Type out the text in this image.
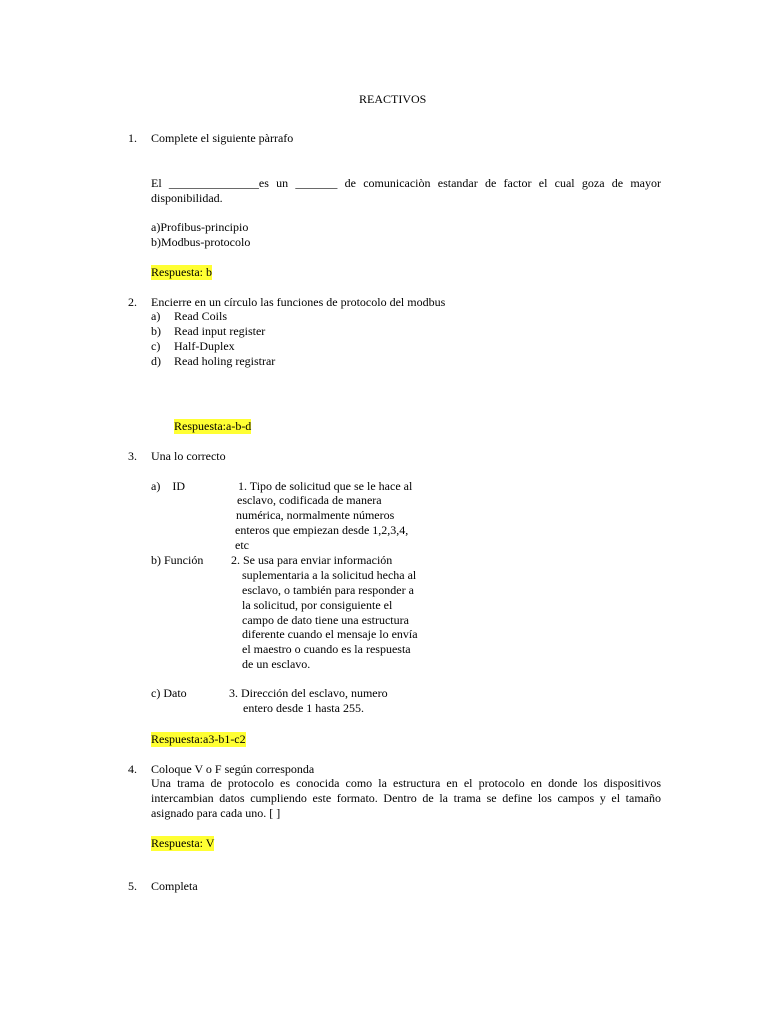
REACTIVOS
1. Complete el siguiente pàrrafo
El _______________es un _______ de comunicaciòn estandar de factor el cual goza de mayor
disponibilidad.
a)Profibus-principio
b)Modbus-protocolo
Respuesta: b
2. Encierre en un círculo las funciones de protocolo del modbus
a) Read Coils
b) Read input register
c) Half-Duplex
d) Read holing registrar
Respuesta:a-b-d
3. Una lo correcto
a)    ID	1. Tipo de solicitud que se le hace al
esclavo, codificada de manera
numérica, normalmente números
enteros que empiezan desde 1,2,3,4,
etc
b) Función 2. Se usa para enviar información
suplementaria a la solicitud hecha al
esclavo, o también para responder a
la solicitud, por consiguiente el
campo de dato tiene una estructura
diferente cuando el mensaje lo envía
el maestro o cuando es la respuesta
de un esclavo.
c) Dato	3. Dirección del esclavo, numero
entero desde 1 hasta 255.
Respuesta:a3-b1-c2
4. Coloque V o F según corresponda
Una trama de protocolo es conocida como la estructura en el protocolo en donde los dispositivos
intercambian datos cumpliendo este formato. Dentro de la trama se define los campos y el tamaño
asignado para cada uno. [ ]
Respuesta: V
5. Completa
